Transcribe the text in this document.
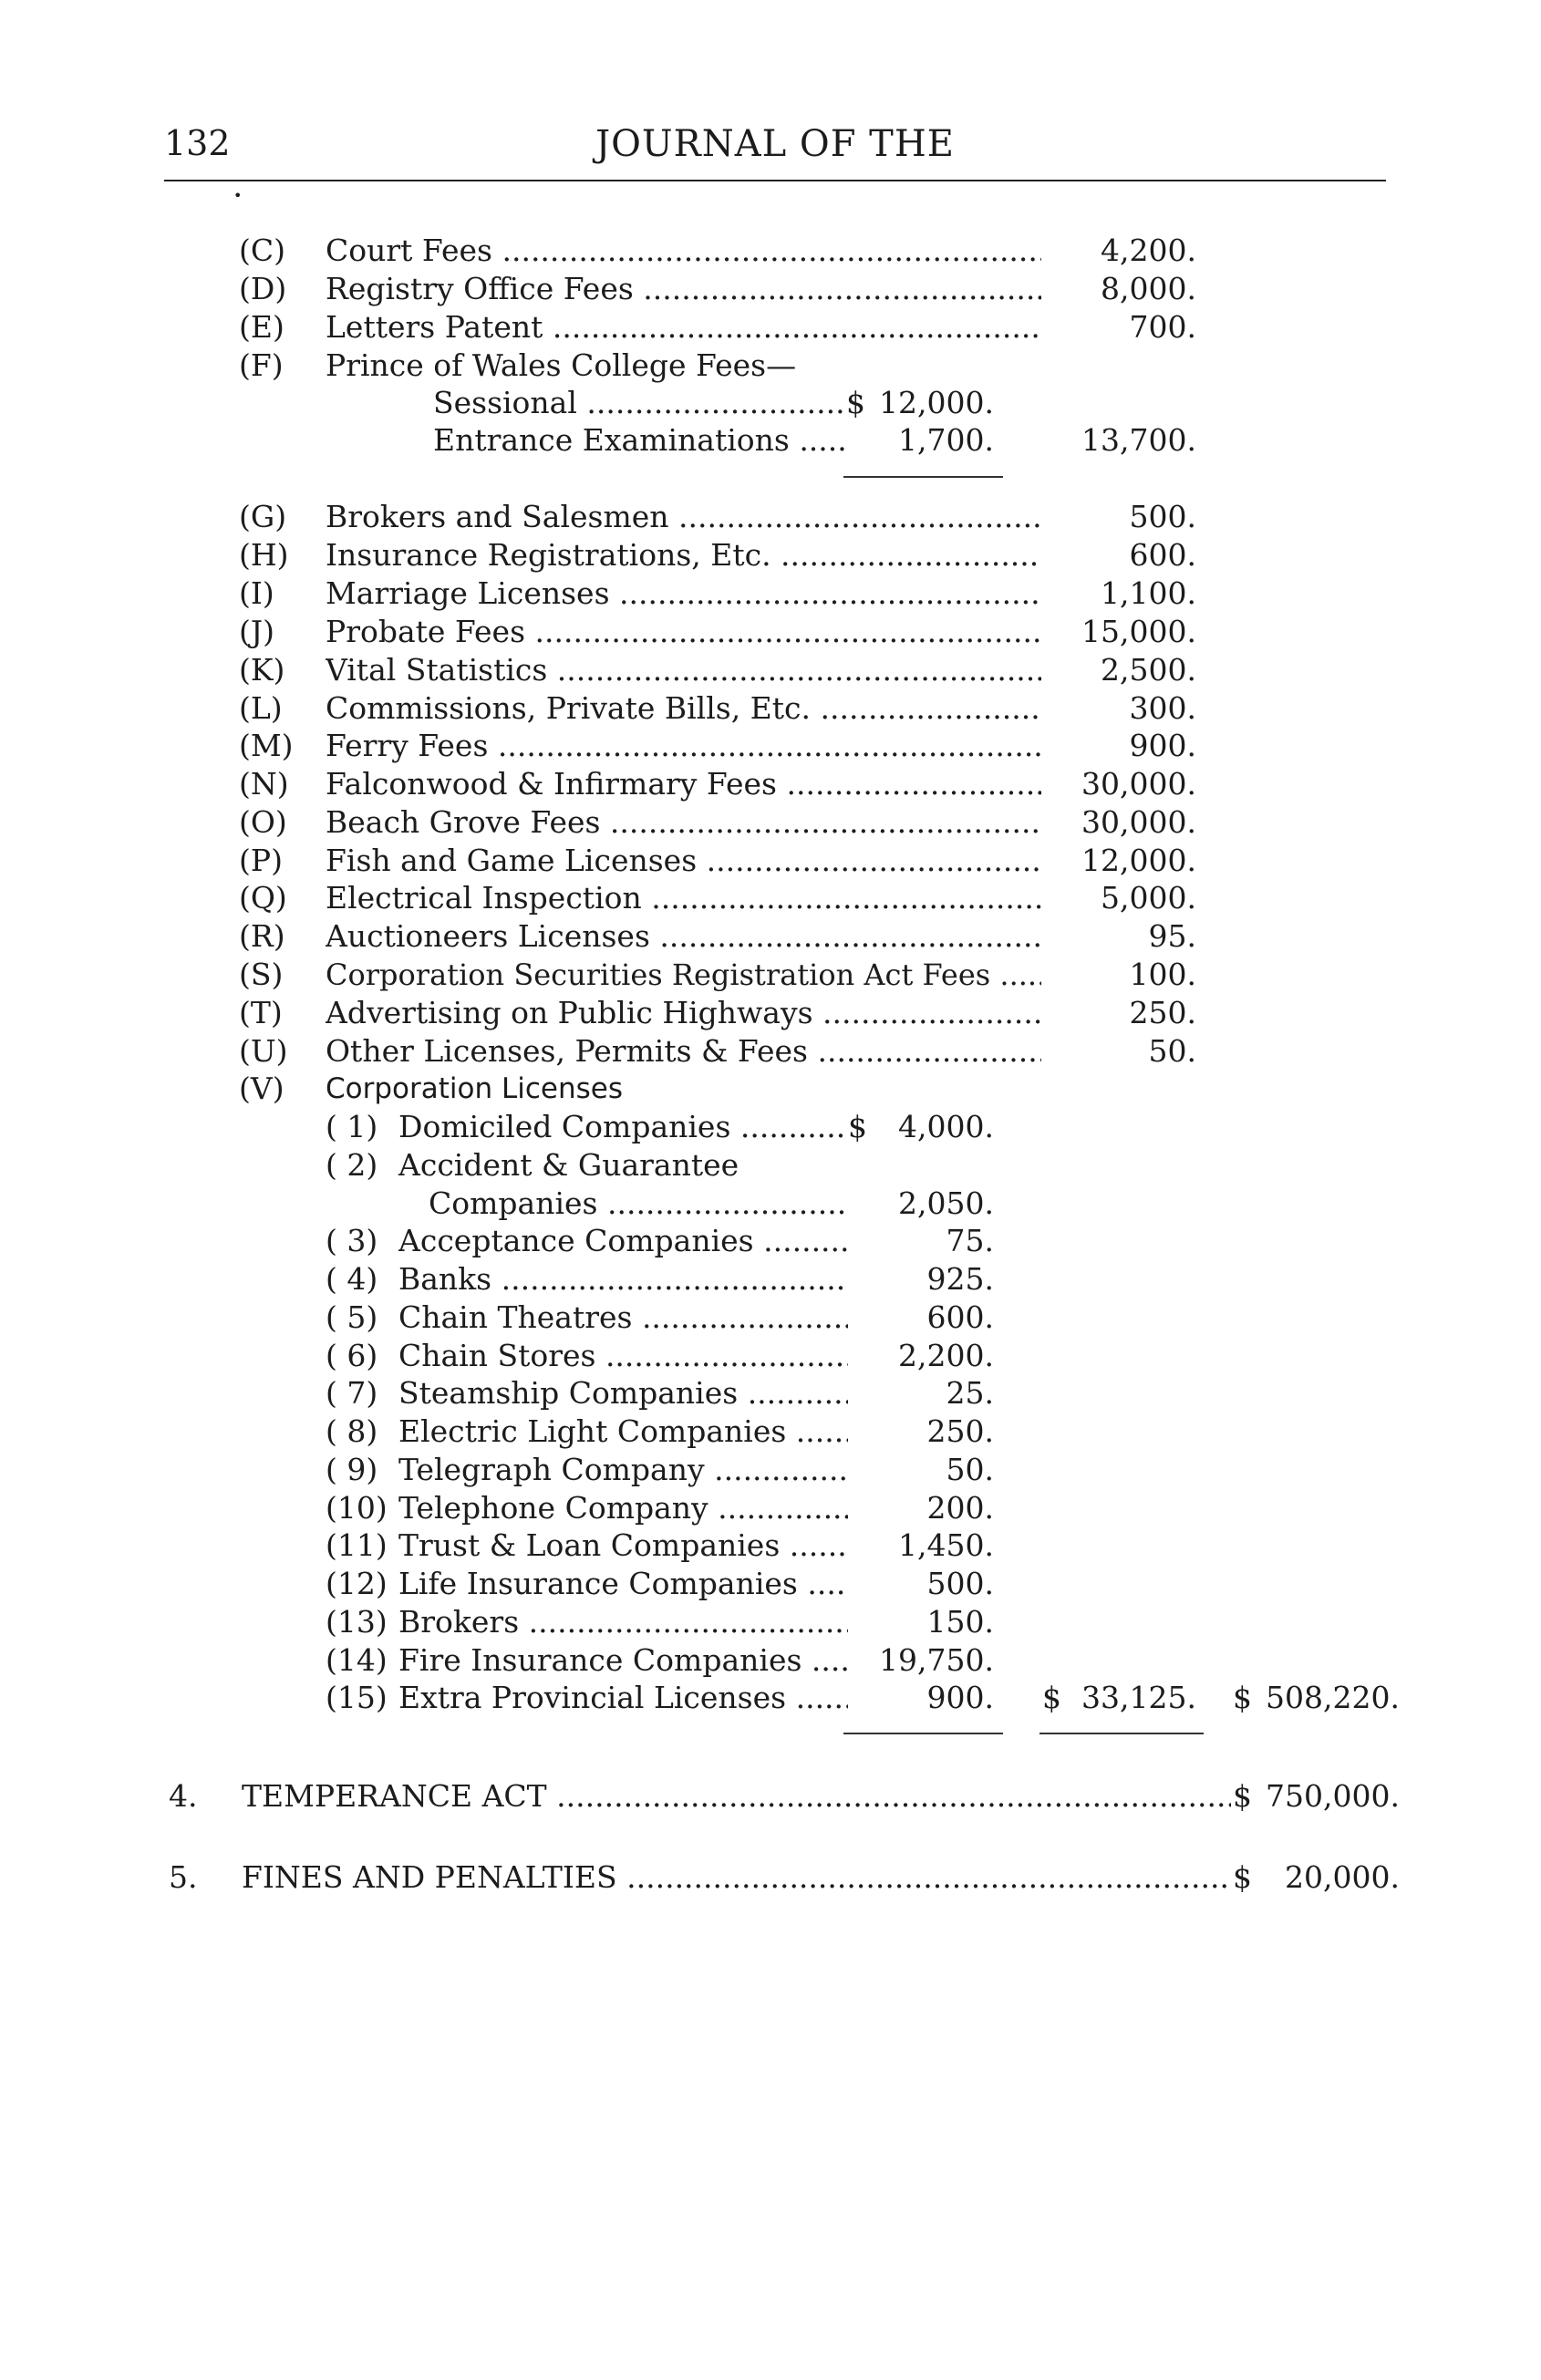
132	JOURNAL OF THE
•
(C) Court Fees .....	4,200.
(D) Registry Office Fees .....	8,000.
(E) Letters Patent .....	700.
(F) Prince of Wales College Fees—
Sessional .....	$ 12,000.
Entrance Examinations .....	1,700.	13,700.
(G) Brokers and Salesmen .....	500.
(H) Insurance Registrations, Etc. .....	600.
(I) Marriage Licenses .....	1,100.
(J) Probate Fees .....	15,000.
(K) Vital Statistics .....	2,500.
(L) Commissions, Private Bills, Etc. .....	300.
(M) Ferry Fees .....	900.
(N) Falconwood & Infirmary Fees .....	30,000.
(O) Beach Grove Fees .....	30,000.
(P) Fish and Game Licenses .....	12,000.
(Q) Electrical Inspection .....	5,000.
(R) Auctioneers Licenses .....	95.
(S) Corporation Securities Registration Act Fees .....	100.
(T) Advertising on Public Highways .....	250.
(U) Other Licenses, Permits & Fees .....	50.
(V) Corporation Licenses
( 1) Domiciled Companies .....	$	4,000.
( 2) Accident & Guarantee
Companies .....	2,050.
( 3) Acceptance Companies .....	75.
( 4) Banks .....	925.
( 5) Chain Theatres .....	600.
( 6) Chain Stores .....	2,200.
( 7) Steamship Companies .....	25.
( 8) Electric Light Companies .....	250.
( 9) Telegraph Company .....	50.
(10) Telephone Company .....	200.
(11) Trust & Loan Companies .....	1,450.
(12) Life Insurance Companies .....	500.
(13) Brokers .....	150.
(14) Fire Insurance Companies .....	19,750.
(15) Extra Provincial Licenses .....	900. $ 33,125. $ 508,220.
4. TEMPERANCE ACT .....	$ 750,000.
5. FINES AND PENALTIES .....	$	20,000.
